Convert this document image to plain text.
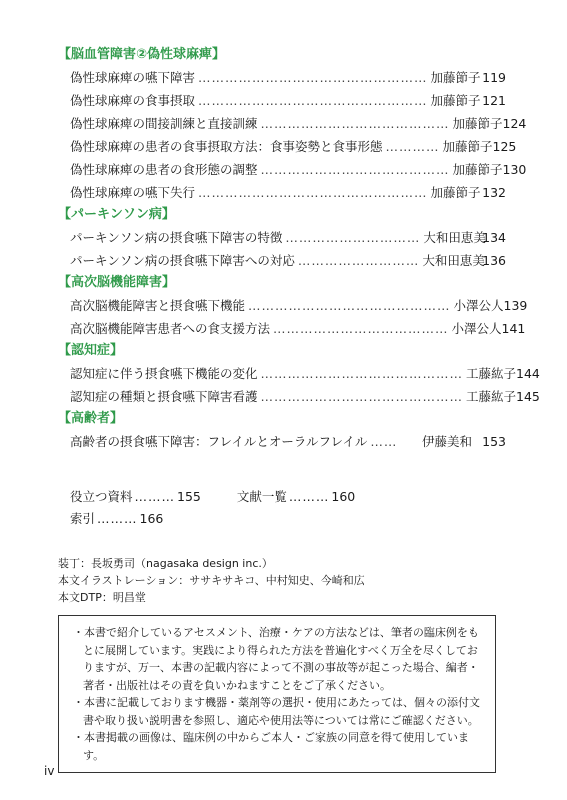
【脳血管障害②偽性球麻痺】
偽性球麻痺の嚥下障害 …………………………………………… 加藤節子 119
偽性球麻痺の食事摂取 …………………………………………… 加藤節子 121
偽性球麻痺の間接訓練と直接訓練 …………………………………… 加藤節子 124
偽性球麻痺の患者の食事摂取方法：食事姿勢と食事形態 ………… 加藤節子 125
偽性球麻痺の患者の食形態の調整 …………………………………… 加藤節子 130
偽性球麻痺の嚥下失行 …………………………………………… 加藤節子 132
【パーキンソン病】
パーキンソン病の摂食嚥下障害の特徴 ………………………… 大和田恵美
134
パーキンソン病の摂食嚥下障害への対応 ……………………… 大和田恵美
136
【高次脳機能障害】
高次脳機能障害と摂食嚥下機能 ……………………………………… 小澤公人 139
高次脳機能障害患者への食支援方法 ………………………………… 小澤公人 141
【認知症】
認知症に伴う摂食嚥下機能の変化 ……………………………………… 工藤紘子 144
認知症の種類と摂食嚥下障害看護 ……………………………………… 工藤紘子 145
【高齢者】
高齢者の摂食嚥下障害：フレイルとオーラルフレイル ……	伊藤美和 153
役立つ資料 ……… 155	文献一覧 ……… 160
索引 ……… 166
装丁：長坂勇司（nagasaka design inc.）
本文イラストレーション：ササキサキコ、中村知史、今崎和広
本文DTP：明昌堂
・本書で紹介しているアセスメント、治療・ケアの方法などは、筆者の臨床例をもとに展開しています。実践により得られた方法を普遍化すべく万全を尽くしておりますが、万一、本書の記載内容によって不測の事故等が起こった場合、編者・著者・出版社はその責を負いかねますことをご了承ください。
・本書に記載しております機器・薬剤等の選択・使用にあたっては、個々の添付文書や取り扱い説明書を参照し、適応や使用法等については常にご確認ください。
・本書掲載の画像は、臨床例の中からご本人・ご家族の同意を得て使用しています。
iv
